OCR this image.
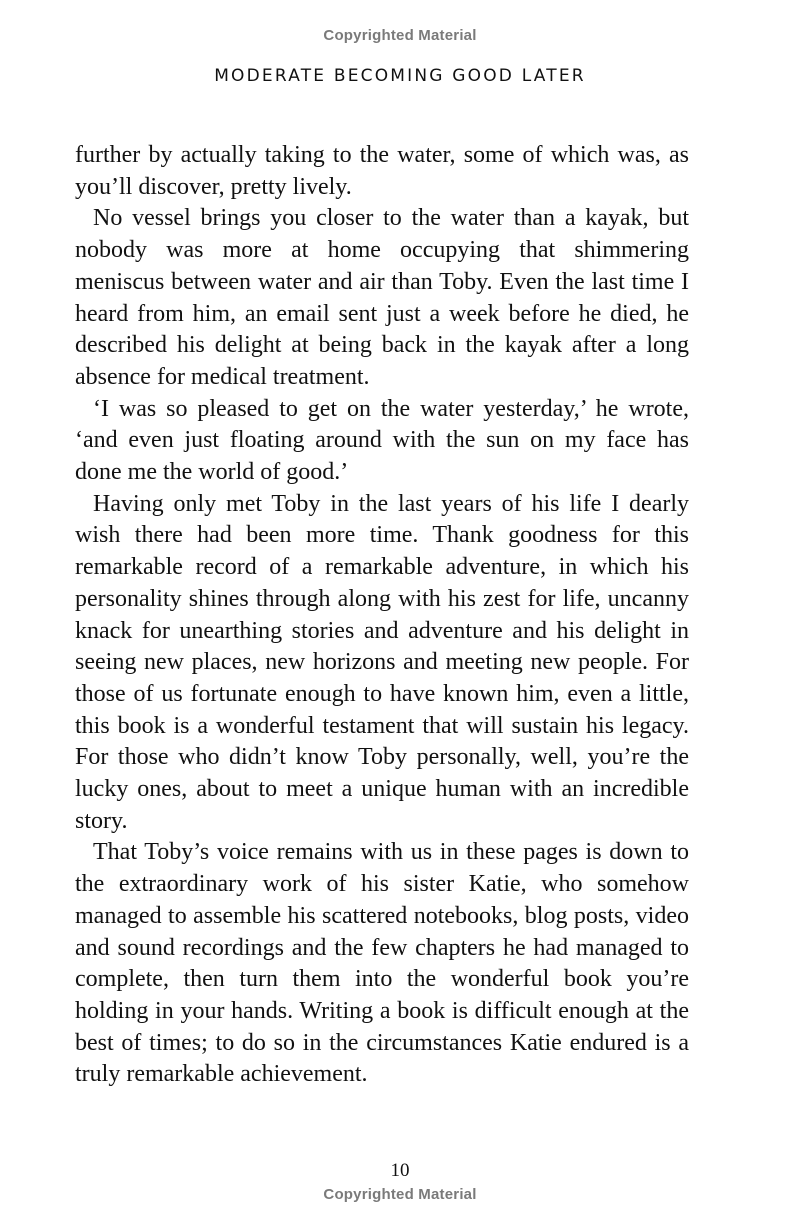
Copyrighted Material
MODERATE BECOMING GOOD LATER

further by actually taking to the water, some of which was, as you’ll discover, pretty lively.

No vessel brings you closer to the water than a kayak, but nobody was more at home occupying that shimmering meniscus between water and air than Toby. Even the last time I heard from him, an email sent just a week before he died, he described his delight at being back in the kayak after a long absence for medical treatment.

‘I was so pleased to get on the water yesterday,’ he wrote, ‘and even just floating around with the sun on my face has done me the world of good.’

Having only met Toby in the last years of his life I dearly wish there had been more time. Thank goodness for this remarkable record of a remarkable adventure, in which his personality shines through along with his zest for life, uncanny knack for unearthing stories and adventure and his delight in seeing new places, new horizons and meeting new people. For those of us fortunate enough to have known him, even a little, this book is a wonderful testament that will sustain his legacy. For those who didn’t know Toby personally, well, you’re the lucky ones, about to meet a unique human with an incredible story.

That Toby’s voice remains with us in these pages is down to the extraordinary work of his sister Katie, who somehow managed to assemble his scattered notebooks, blog posts, video and sound recordings and the few chapters he had managed to complete, then turn them into the wonderful book you’re holding in your hands. Writing a book is difficult enough at the best of times; to do so in the circumstances Katie endured is a truly remarkable achievement.

10
Copyrighted Material
